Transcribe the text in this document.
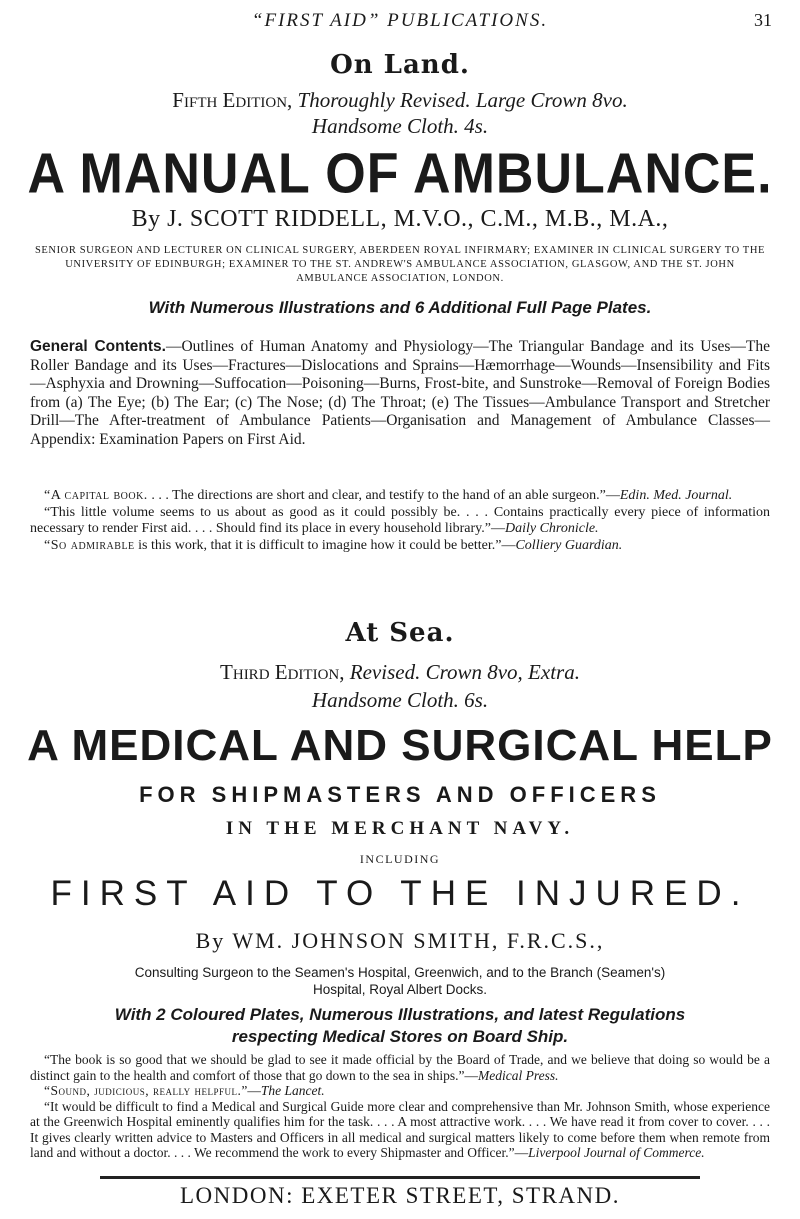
“FIRST AID” PUBLICATIONS.	31
On Land.
Fifth Edition, Thoroughly Revised. Large Crown 8vo.
Handsome Cloth. 4s.
A MANUAL OF AMBULANCE.
By J. SCOTT RIDDELL, M.V.O., C.M., M.B., M.A.,
SENIOR SURGEON AND LECTURER ON CLINICAL SURGERY, ABERDEEN ROYAL INFIRMARY; EXAMINER IN CLINICAL SURGERY TO THE UNIVERSITY OF EDINBURGH; EXAMINER TO THE ST. ANDREW'S AMBULANCE ASSOCIATION, GLASGOW, AND THE ST. JOHN AMBULANCE ASSOCIATION, LONDON.
With Numerous Illustrations and 6 Additional Full Page Plates.
General Contents.—Outlines of Human Anatomy and Physiology—The Triangular Bandage and its Uses—The Roller Bandage and its Uses—Fractures—Dislocations and Sprains—Hæmorrhage—Wounds—Insensibility and Fits—Asphyxia and Drowning—Suffocation—Poisoning—Burns, Frost-bite, and Sunstroke—Removal of Foreign Bodies from (a) The Eye; (b) The Ear; (c) The Nose; (d) The Throat; (e) The Tissues—Ambulance Transport and Stretcher Drill—The After-treatment of Ambulance Patients—Organisation and Management of Ambulance Classes—Appendix: Examination Papers on First Aid.

“A capital book. . . . The directions are short and clear, and testify to the hand of an able surgeon.”—Edin. Med. Journal.

“This little volume seems to us about as good as it could possibly be. . . . Contains practically every piece of information necessary to render First aid. . . . Should find its place in every household library.”—Daily Chronicle.

“So admirable is this work, that it is difficult to imagine how it could be better.”—Colliery Guardian.

At Sea.
Third Edition, Revised. Crown 8vo, Extra.
Handsome Cloth. 6s.
A MEDICAL AND SURGICAL HELP
FOR SHIPMASTERS AND OFFICERS
IN THE MERCHANT NAVY.
INCLUDING
FIRST AID TO THE INJURED.
By WM. JOHNSON SMITH, F.R.C.S.,
Consulting Surgeon to the Seamen's Hospital, Greenwich, and to the Branch (Seamen's)
Hospital, Royal Albert Docks.
With 2 Coloured Plates, Numerous Illustrations, and latest Regulations
respecting Medical Stores on Board Ship.

“The book is so good that we should be glad to see it made official by the Board of Trade, and we believe that doing so would be a distinct gain to the health and comfort of those that go down to the sea in ships.”—Medical Press.

“Sound, judicious, really helpful.”—The Lancet.

“It would be difficult to find a Medical and Surgical Guide more clear and comprehensive than Mr. Johnson Smith, whose experience at the Greenwich Hospital eminently qualifies him for the task. . . . A most attractive work. . . . We have read it from cover to cover. . . . It gives clearly written advice to Masters and Officers in all medical and surgical matters likely to come before them when remote from land and without a doctor. . . . We recommend the work to every Shipmaster and Officer.”—Liverpool Journal of Commerce.

LONDON: EXETER STREET, STRAND.
